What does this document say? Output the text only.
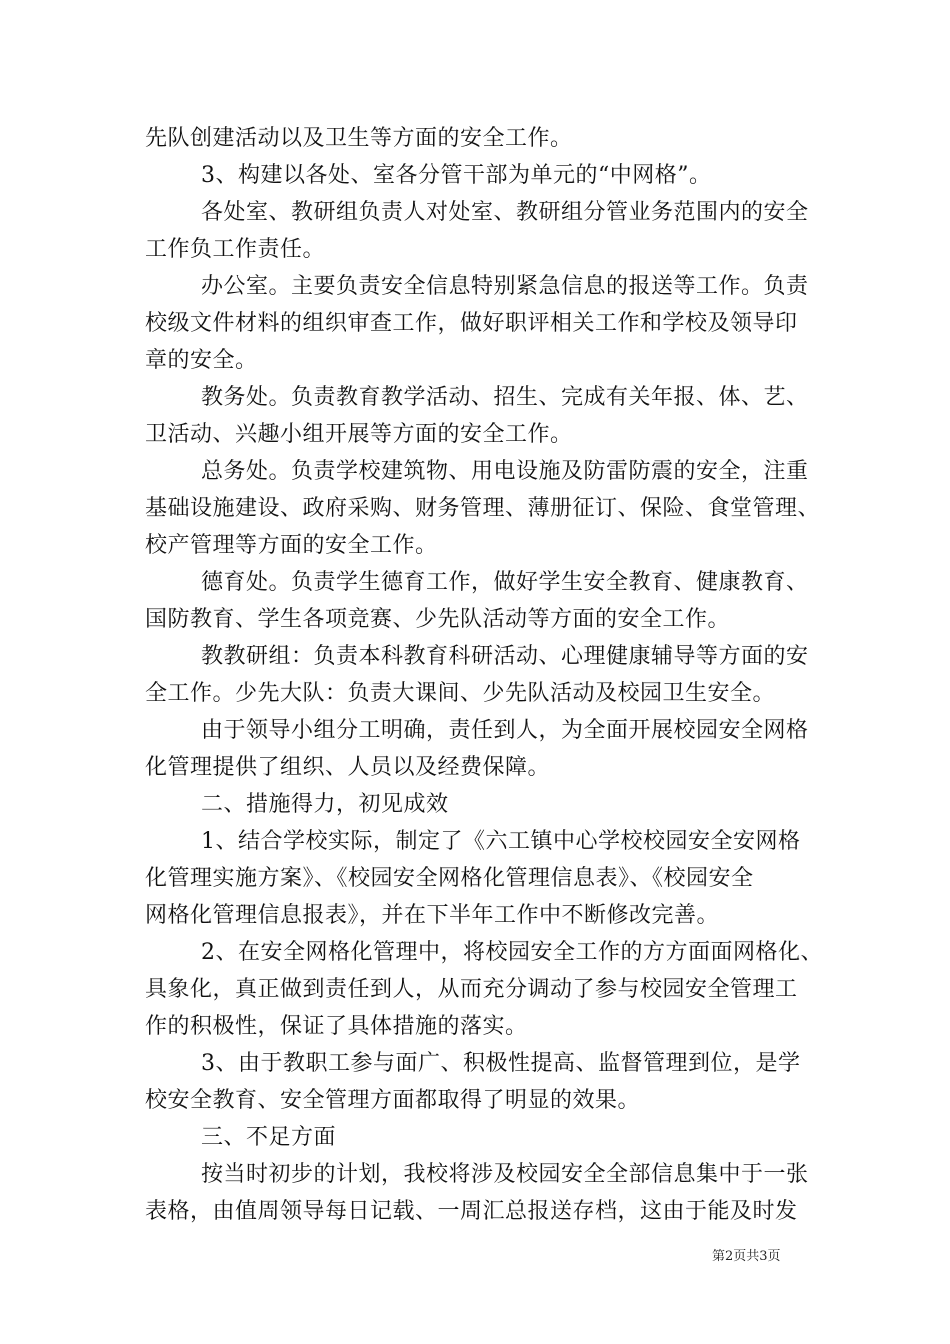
先队创建活动以及卫生等方面的安全工作。
3、构建以各处、室各分管干部为单元的“中网格”。
各处室、教研组负责人对处室、教研组分管业务范围内的安全
工作负工作责任。
办公室。主要负责安全信息特别紧急信息的报送等工作。负责
校级文件材料的组织审查工作，做好职评相关工作和学校及领导印
章的安全。
教务处。负责教育教学活动、招生、完成有关年报、体、艺、
卫活动、兴趣小组开展等方面的安全工作。
总务处。负责学校建筑物、用电设施及防雷防震的安全，注重
基础设施建设、政府采购、财务管理、薄册征订、保险、食堂管理、
校产管理等方面的安全工作。
德育处。负责学生德育工作，做好学生安全教育、健康教育、
国防教育、学生各项竞赛、少先队活动等方面的安全工作。
教教研组：负责本科教育科研活动、心理健康辅导等方面的安
全工作。少先大队：负责大课间、少先队活动及校园卫生安全。
由于领导小组分工明确，责任到人，为全面开展校园安全网格
化管理提供了组织、人员以及经费保障。
二、措施得力，初见成效
1、结合学校实际，制定了《六工镇中心学校校园安全安网格
化管理实施方案》、《校园安全网格化管理信息表》、《校园安全
网格化管理信息报表》，并在下半年工作中不断修改完善。
2、在安全网格化管理中，将校园安全工作的方方面面网格化、
具象化，真正做到责任到人，从而充分调动了参与校园安全管理工
作的积极性，保证了具体措施的落实。
3、由于教职工参与面广、积极性提高、监督管理到位，是学
校安全教育、安全管理方面都取得了明显的效果。
三、不足方面
按当时初步的计划，我校将涉及校园安全全部信息集中于一张
表格，由值周领导每日记载、一周汇总报送存档，这由于能及时发
第2页共3页
